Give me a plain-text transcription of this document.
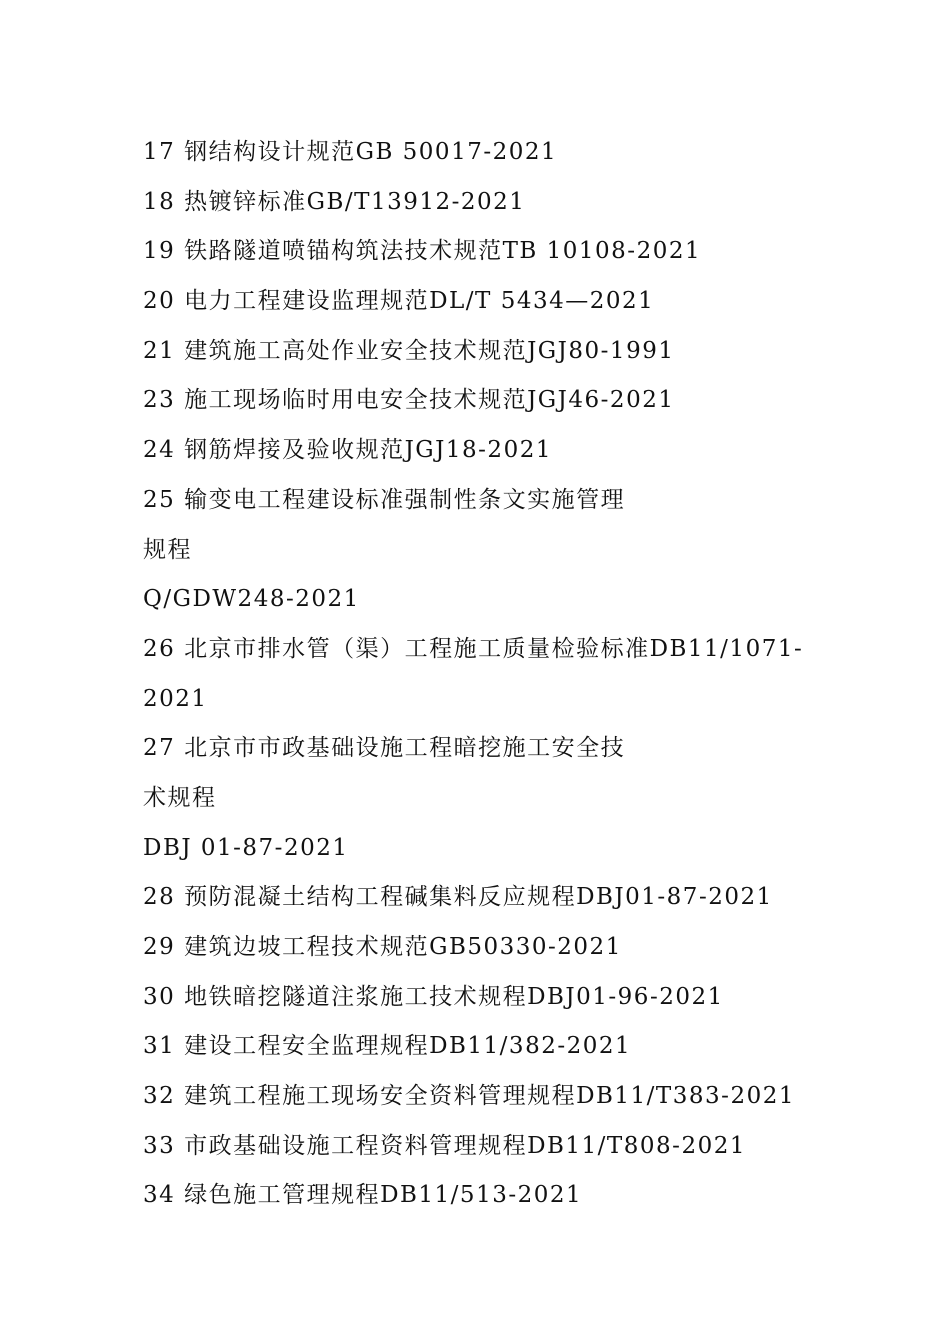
17 钢结构设计规范GB 50017-2021
18 热镀锌标准GB/T13912-2021
19 铁路隧道喷锚构筑法技术规范TB 10108-2021
20 电力工程建设监理规范DL/T 5434—2021
21 建筑施工高处作业安全技术规范JGJ80-1991
23 施工现场临时用电安全技术规范JGJ46-2021
24 钢筋焊接及验收规范JGJ18-2021
25 输变电工程建设标准强制性条文实施管理
规程
Q/GDW248-2021
26 北京市排水管（渠）工程施工质量检验标准DB11/1071-
2021
27 北京市市政基础设施工程暗挖施工安全技
术规程
DBJ 01-87-2021
28 预防混凝土结构工程碱集料反应规程DBJ01-87-2021
29 建筑边坡工程技术规范GB50330-2021
30 地铁暗挖隧道注浆施工技术规程DBJ01-96-2021
31 建设工程安全监理规程DB11/382-2021
32 建筑工程施工现场安全资料管理规程DB11/T383-2021
33 市政基础设施工程资料管理规程DB11/T808-2021
34 绿色施工管理规程DB11/513-2021
